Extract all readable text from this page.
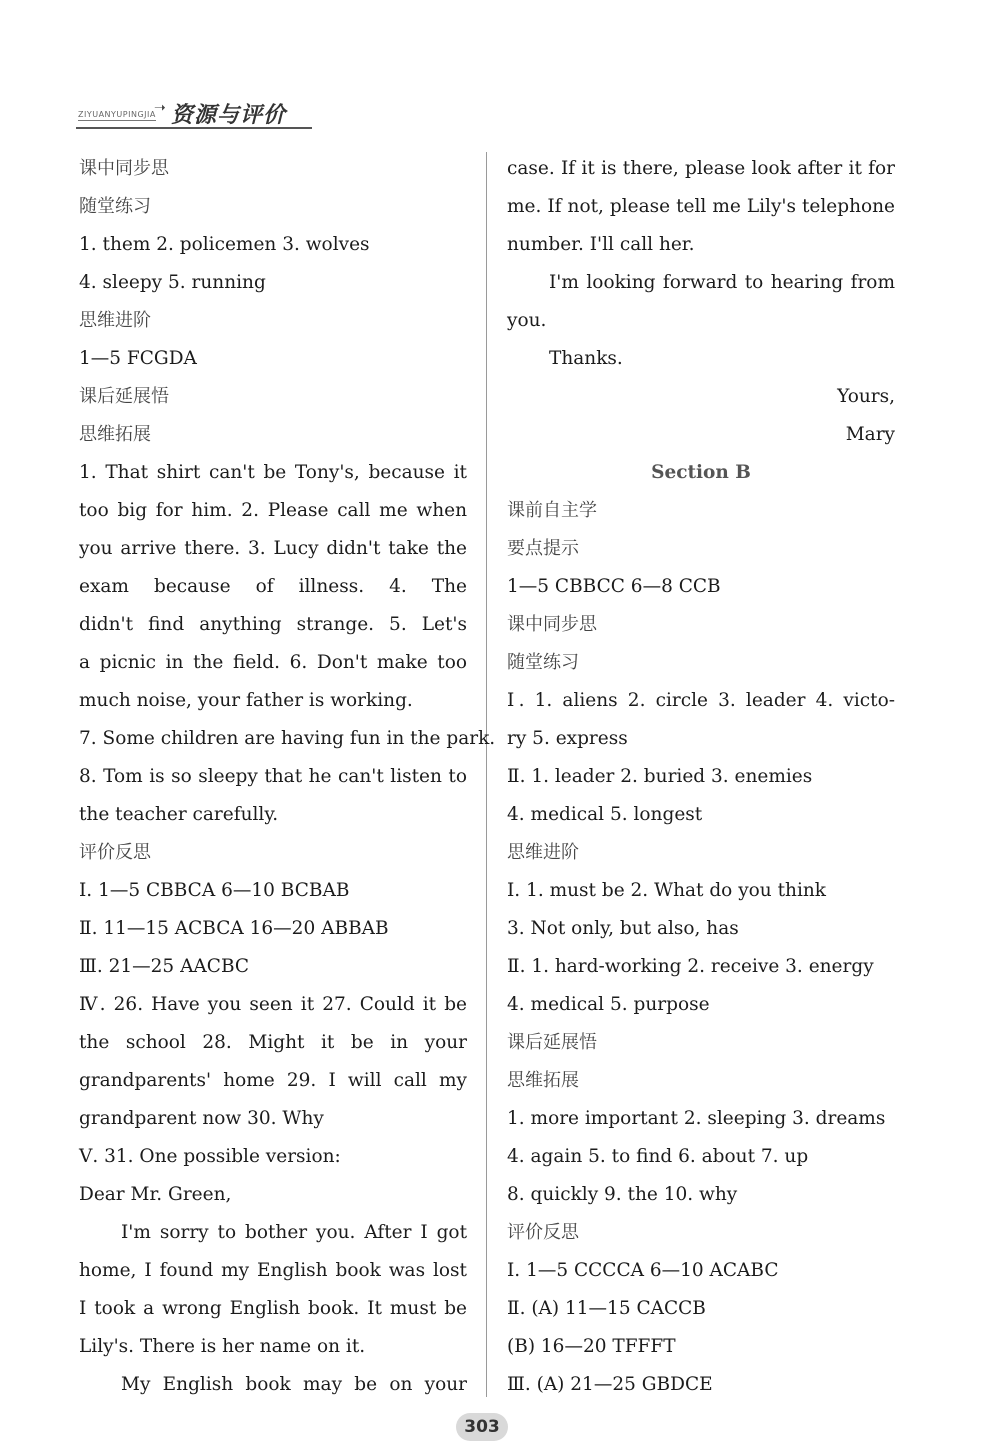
ZIYUANYUPINGJIA
➝ 资源与评价
课中同步思
随堂练习
1. them 2. policemen 3. wolves
4. sleepy 5. running
思维进阶
1—5 FCGDA
课后延展悟
思维拓展
1. That shirt can't be Tony's, because it
too big for him. 2. Please call me when
you arrive there. 3. Lucy didn't take the
exam because of illness. 4. The
didn't find anything strange. 5. Let's
a picnic in the field. 6. Don't make too
much noise, your father is working.
7. Some children are having fun in the park.
8. Tom is so sleepy that he can't listen to
the teacher carefully.
评价反思
Ⅰ. 1—5 CBBCA 6—10 BCBAB
Ⅱ. 11—15 ACBCA 16—20 ABBAB
Ⅲ. 21—25 AACBC
Ⅳ. 26. Have you seen it 27. Could it be
the school 28. Might it be in your
grandparents' home 29. I will call my
grandparent now 30. Why
Ⅴ. 31. One possible version:
Dear Mr. Green,
I'm sorry to bother you. After I got
home, I found my English book was lost
I took a wrong English book. It must be
Lily's. There is her name on it.
My English book may be on your
case. If it is there, please look after it for
me. If not, please tell me Lily's telephone
number. I'll call her.
I'm looking forward to hearing from
you.
Thanks.
Yours,
Mary
Section B
课前自主学
要点提示
1—5 CBBCC 6—8 CCB
课中同步思
随堂练习
Ⅰ. 1. aliens 2. circle 3. leader 4. victo-
ry 5. express
Ⅱ. 1. leader 2. buried 3. enemies
4. medical 5. longest
思维进阶
Ⅰ. 1. must be 2. What do you think
3. Not only, but also, has
Ⅱ. 1. hard-working 2. receive 3. energy
4. medical 5. purpose
课后延展悟
思维拓展
1. more important 2. sleeping 3. dreams
4. again 5. to find 6. about 7. up
8. quickly 9. the 10. why
评价反思
Ⅰ. 1—5 CCCCA 6—10 ACABC
Ⅱ. (A) 11—15 CACCB
(B) 16—20 TFFFT
Ⅲ. (A) 21—25 GBDCE
303
